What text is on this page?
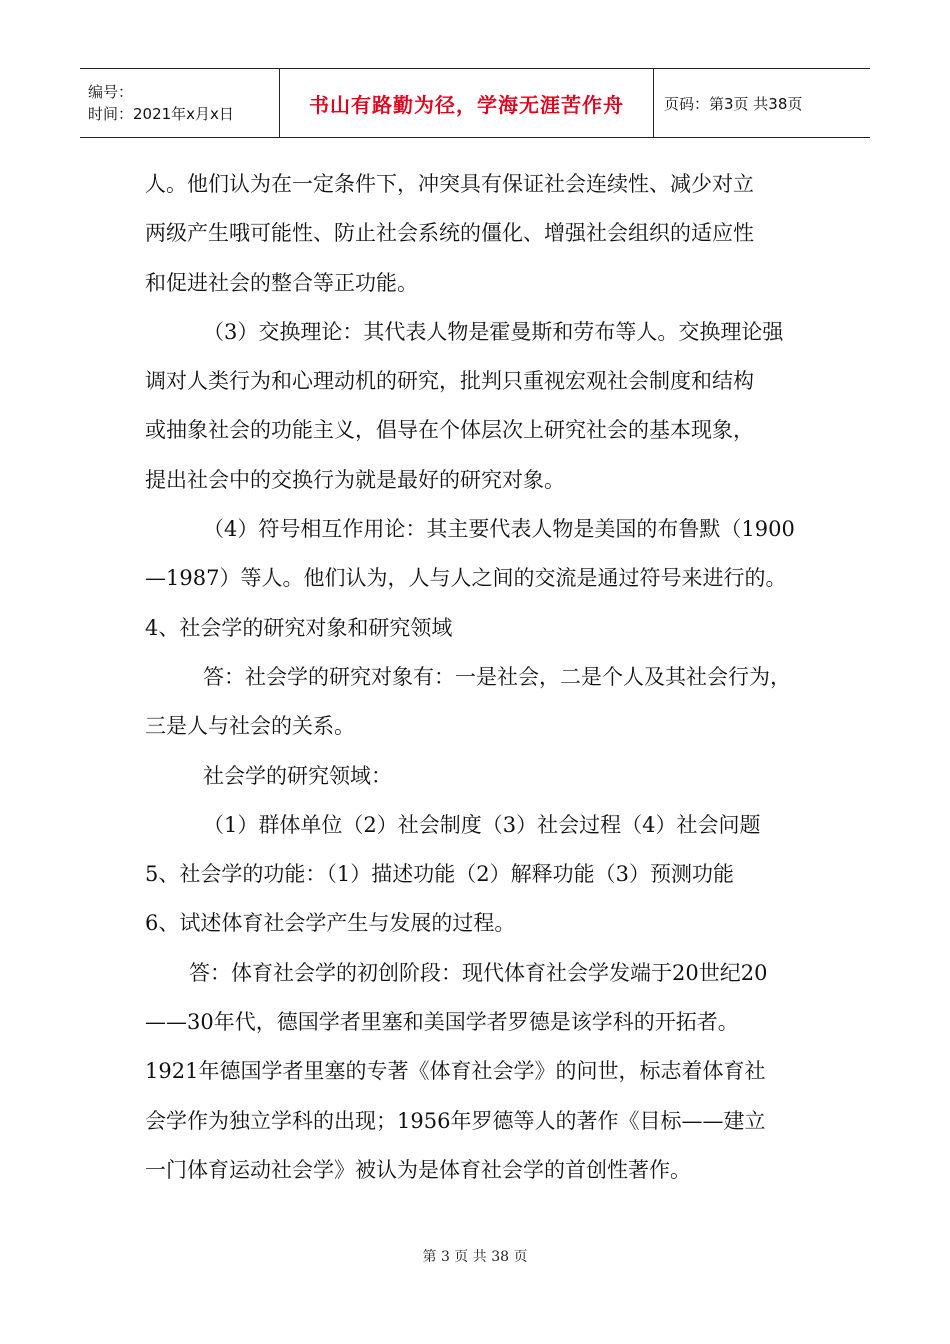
编号：
时间：2021年x月x日	书山有路勤为径，学海无涯苦作舟	页码：第3页 共38页

人。他们认为在一定条件下，冲突具有保证社会连续性、减少对立

两级产生哦可能性、防止社会系统的僵化、增强社会组织的适应性

和促进社会的整合等正功能。

（3）交换理论：其代表人物是霍曼斯和劳布等人。交换理论强

调对人类行为和心理动机的研究，批判只重视宏观社会制度和结构

或抽象社会的功能主义，倡导在个体层次上研究社会的基本现象，

提出社会中的交换行为就是最好的研究对象。

（4）符号相互作用论：其主要代表人物是美国的布鲁默（1900

—1987）等人。他们认为，人与人之间的交流是通过符号来进行的。

4、社会学的研究对象和研究领域

答：社会学的研究对象有：一是社会，二是个人及其社会行为，

三是人与社会的关系。

社会学的研究领域：

（1）群体单位（2）社会制度（3）社会过程（4）社会问题

5、社会学的功能：（1）描述功能（2）解释功能（3）预测功能

6、试述体育社会学产生与发展的过程。

答：体育社会学的初创阶段：现代体育社会学发端于20世纪20

——30年代，德国学者里塞和美国学者罗德是该学科的开拓者。

1921年德国学者里塞的专著《体育社会学》的问世，标志着体育社

会学作为独立学科的出现；1956年罗德等人的著作《目标——建立

一门体育运动社会学》被认为是体育社会学的首创性著作。

第 3 页 共 38 页
